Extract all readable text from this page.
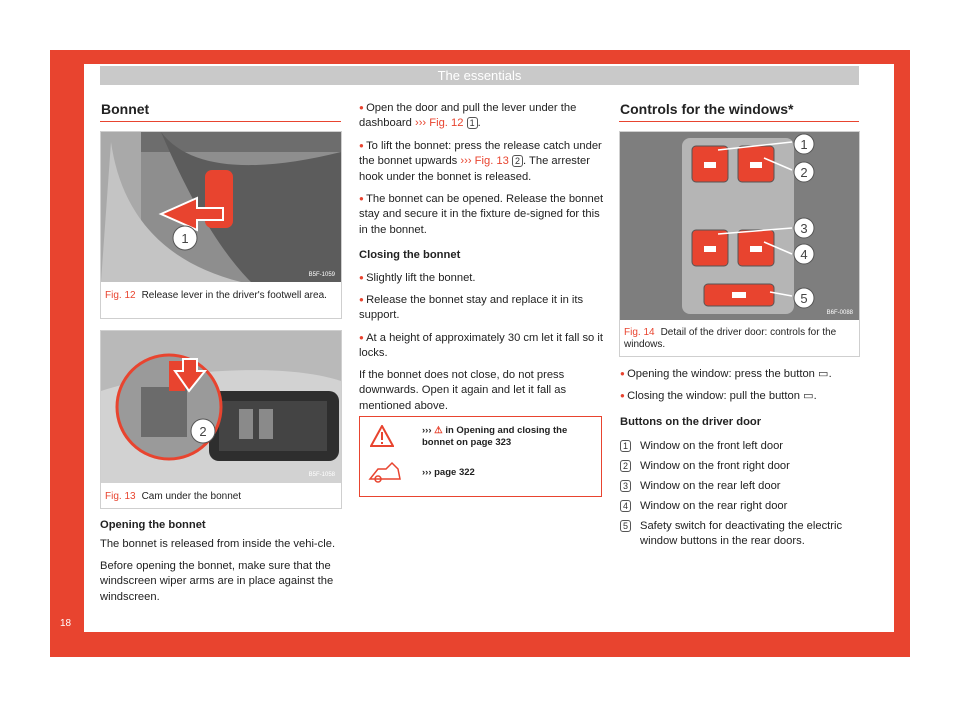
The essentials
18
Bonnet
1
B5F-1059
Fig. 12 Release lever in the driver's footwell area.
2
B5F-1058
Fig. 13 Cam under the bonnet

Opening the bonnet

The bonnet is released from inside the vehi-cle.

Before opening the bonnet, make sure that the windscreen wiper arms are in place against the windscreen.

● Open the door and pull the lever under the dashboard ››› Fig. 12 1 .

● To lift the bonnet: press the release catch under the bonnet upwards ››› Fig. 13 2 . The arrester hook under the bonnet is released.

● The bonnet can be opened. Release the bonnet stay and secure it in the fixture de-signed for this in the bonnet.

Closing the bonnet

● Slightly lift the bonnet.

● Release the bonnet stay and replace it in its support.

● At a height of approximately 30 cm let it fall so it locks.

If the bonnet does not close, do not press downwards. Open it again and let it fall as mentioned above.

››› ⚠ in Opening and closing the bonnet on page 323
››› page 322
Controls for the windows*
1
2
3
4
5
B6F-0088
Fig. 14 Detail of the driver door: controls for the windows.

● Opening the window: press the button ▭.

● Closing the window: pull the button ▭.

Buttons on the driver door

1 Window on the front left door
2 Window on the front right door
3 Window on the rear left door
4 Window on the rear right door
5 Safety switch for deactivating the electric window buttons in the rear doors.
